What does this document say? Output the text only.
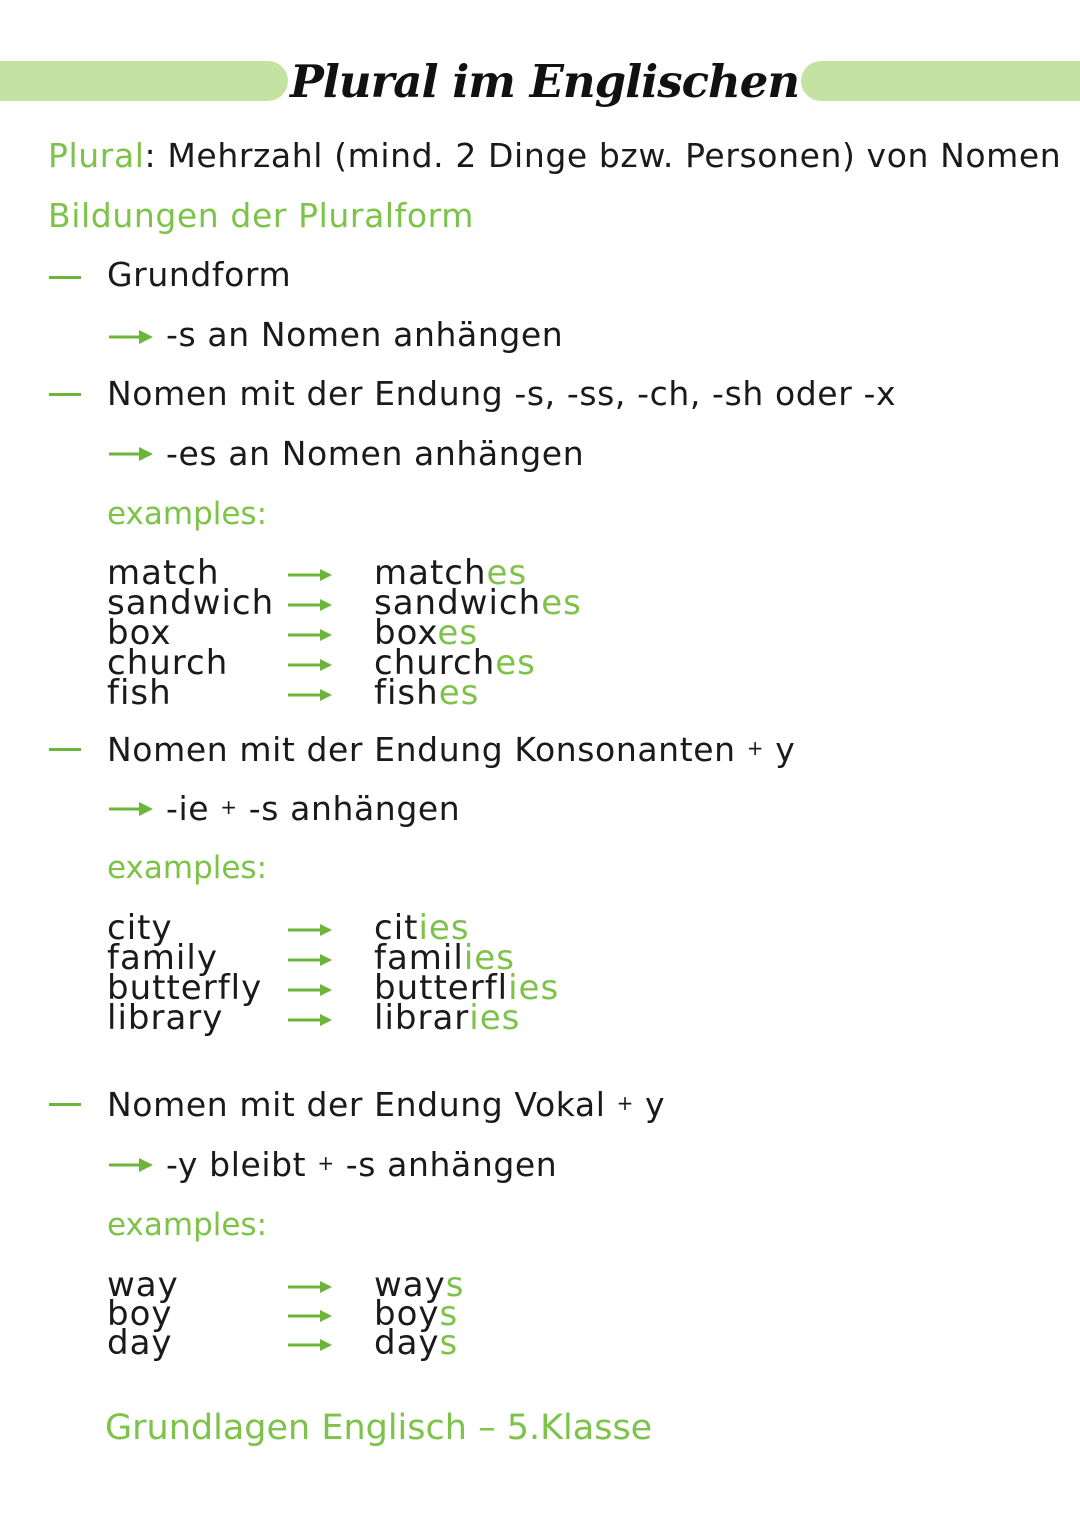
Plural im Englischen
Plural: Mehrzahl (mind. 2 Dinge bzw. Personen) von Nomen
Bildungen der Pluralform
Grundform
-s an Nomen anhängen
Nomen mit der Endung -s, -ss, -ch, -sh oder -x
-es an Nomen anhängen
examples:
match	matches
sandwich	sandwiches
box	boxes
church	churches
fish	fishes
Nomen mit der Endung Konsonanten + y
-ie + -s anhängen
examples:
city	cities
family	families
butterfly	butterflies
library	libraries
Nomen mit der Endung Vokal + y
-y bleibt + -s anhängen
examples:
way	ways
boy	boys
day	days
Grundlagen Englisch – 5.Klasse
